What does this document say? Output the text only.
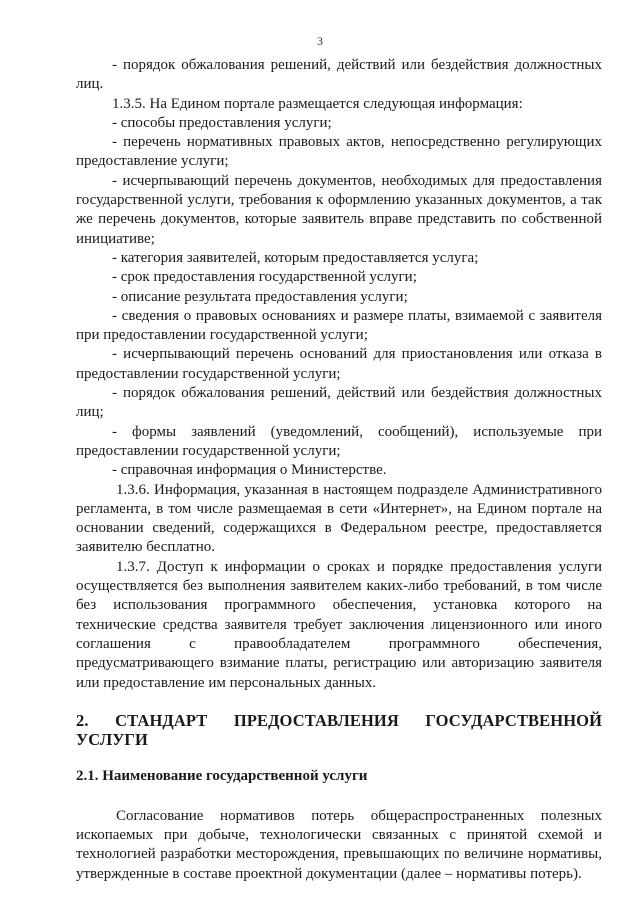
3

- порядок обжалования решений, действий или бездействия должностных лиц.

1.3.5. На Едином портале размещается следующая информация:

- способы предоставления услуги;

- перечень нормативных правовых актов, непосредственно регулирующих предоставление услуги;

- исчерпывающий перечень документов, необходимых для предоставления государственной услуги, требования к оформлению указанных документов, а так же перечень документов, которые заявитель вправе представить по собственной инициативе;

- категория заявителей, которым предоставляется услуга;

- срок предоставления государственной услуги;

- описание результата предоставления услуги;

- сведения о правовых основаниях и размере платы, взимаемой с заявителя при предоставлении государственной услуги;

- исчерпывающий перечень оснований для приостановления или отказа в предоставлении государственной услуги;

- порядок обжалования решений, действий или бездействия должностных лиц;

- формы заявлений (уведомлений, сообщений), используемые при предоставлении государственной услуги;

- справочная информация о Министерстве.

1.3.6. Информация, указанная в настоящем подразделе Административного регламента, в том числе размещаемая в сети «Интернет», на Едином портале на основании сведений, содержащихся в Федеральном реестре, предоставляется заявителю бесплатно.

1.3.7. Доступ к информации о сроках и порядке предоставления услуги осуществляется без выполнения заявителем каких-либо требований, в том числе без использования программного обеспечения, установка которого на технические средства заявителя требует заключения лицензионного или иного соглашения с правообладателем программного обеспечения, предусматривающего взимание платы, регистрацию или авторизацию заявителя или предоставление им персональных данных.

2. СТАНДАРТ ПРЕДОСТАВЛЕНИЯ ГОСУДАРСТВЕННОЙ УСЛУГИ

2.1. Наименование государственной услуги

Согласование нормативов потерь общераспространенных полезных ископаемых при добыче, технологически связанных с принятой схемой и технологией разработки месторождения, превышающих по величине нормативы, утвержденные в составе проектной документации (далее – нормативы потерь).
